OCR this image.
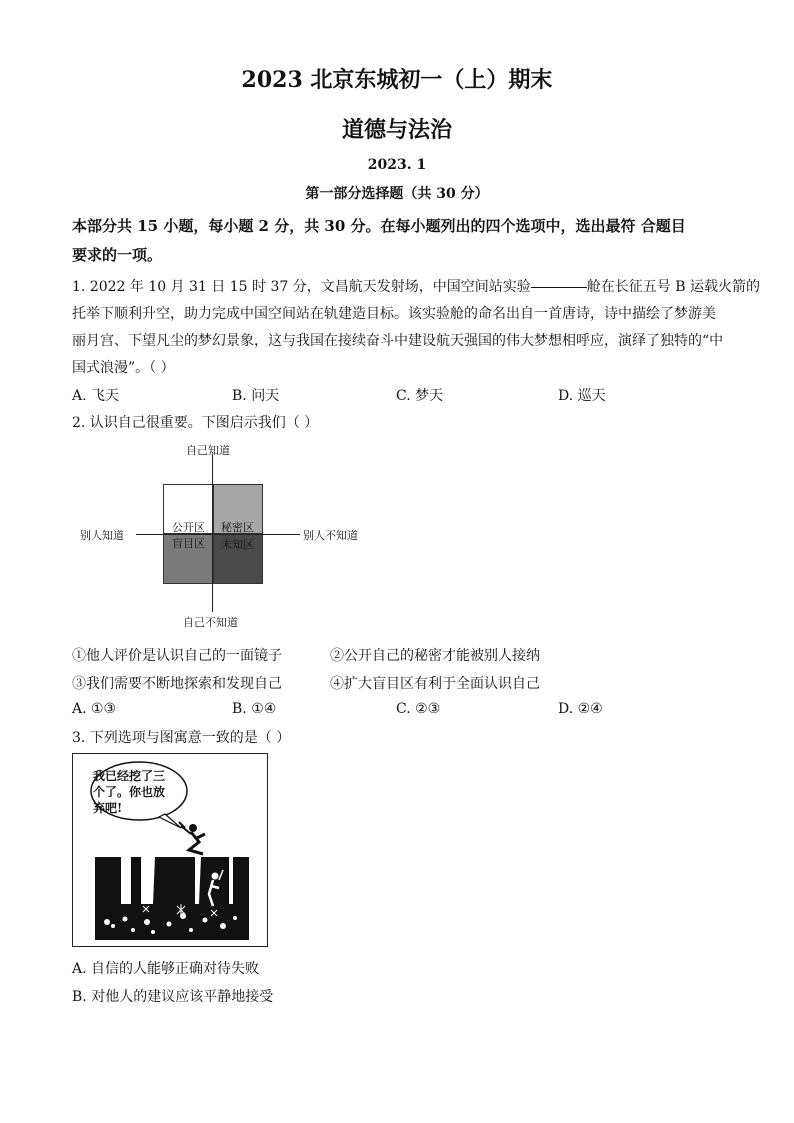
2023 北京东城初一（上）期末
道德与法治
2023. 1
第一部分选择题（共 30 分）
本部分共 15 小题，每小题 2 分，共 30 分。在每小题列出的四个选项中，选出最符 合题目
要求的一项。
1. 2022 年 10 月 31 日 15 时 37 分，文昌航天发射场，中国空间站实验	舱在长征五号 B 运载火箭的
托举下顺利升空，助力完成中国空间站在轨建造目标。该实验舱的命名出自一首唐诗，诗中描绘了梦游美
丽月宫、下望凡尘的梦幻景象，这与我国在接续奋斗中建设航天强国的伟大梦想相呼应，演绎了独特的“中
国式浪漫”。（ ）
A. 飞天	B. 问天	C. 梦天	D. 巡天
2. 认识自己很重要。下图启示我们（ ）
自己知道
自己不知道
别人知道	别人不知道
公开区 秘密区
盲目区 未知区
①他人评价是认识自己的一面镜子	②公开自己的秘密才能被别人接纳
③我们需要不断地探索和发现自己	④扩大盲目区有利于全面认识自己
A. ①③	B. ①④	C. ②③	D. ②④
3. 下列选项与图寓意一致的是（ ）
我已经挖了三
个了。你也放
弃吧!
A. 自信的人能够正确对待失败
B. 对他人的建议应该平静地接受
